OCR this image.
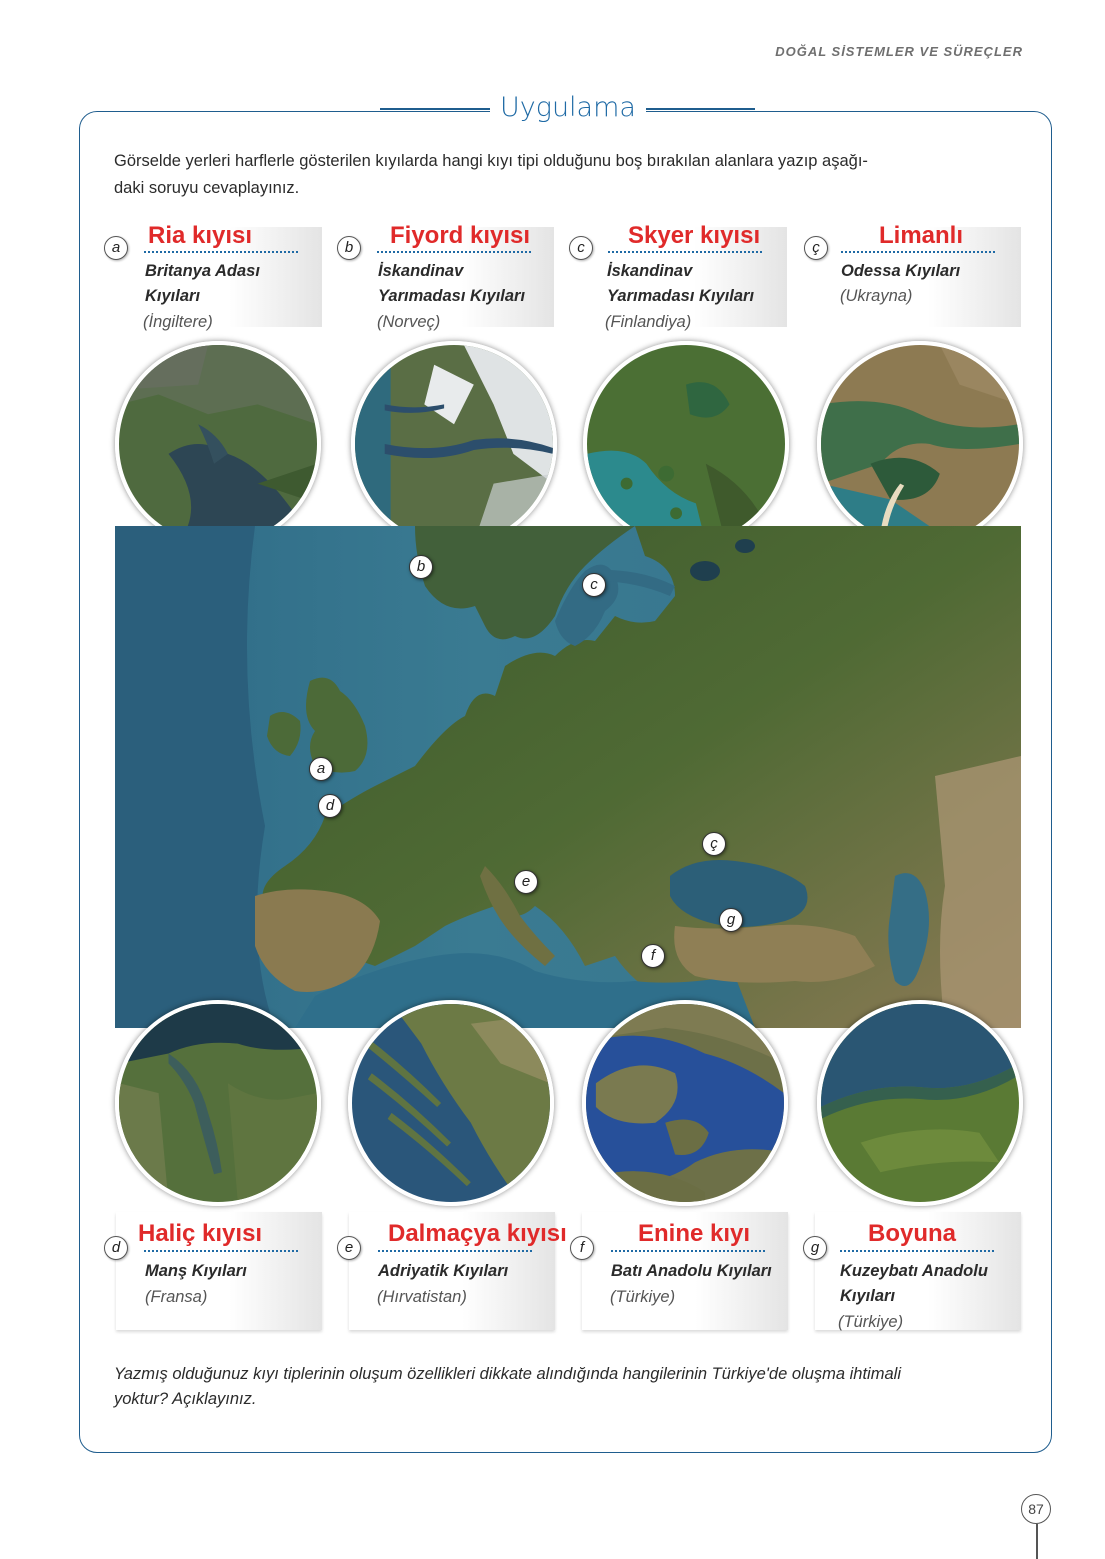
DOĞAL SİSTEMLER VE SÜREÇLER
Uygulama
Görselde yerleri harflerle gösterilen kıyılarda hangi kıyı tipi olduğunu boş bırakılan alanlara yazıp aşağı-
daki soruyu cevaplayınız.
a	Ria kıyısı
Britanya Adası
Kıyıları
(İngiltere)
b	Fiyord kıyısı
İskandinav
Yarımadası Kıyıları
(Norveç)
c	Skyer kıyısı
İskandinav
Yarımadası Kıyıları
(Finlandiya)
ç	Limanlı
Odessa Kıyıları
(Ukrayna)
b
c
a
d
ç
e
g
f
d
Haliç kıyısı
Manş Kıyıları
(Fransa)
e
Dalmaçya kıyısı
Adriyatik Kıyıları
(Hırvatistan)
f
Enine kıyı
Batı Anadolu Kıyıları
(Türkiye)
g
Boyuna
Kuzeybatı Anadolu
Kıyıları
(Türkiye)
Yazmış olduğunuz kıyı tiplerinin oluşum özellikleri dikkate alındığında hangilerinin Türkiye'de oluşma ihtimali
yoktur? Açıklayınız.
87
